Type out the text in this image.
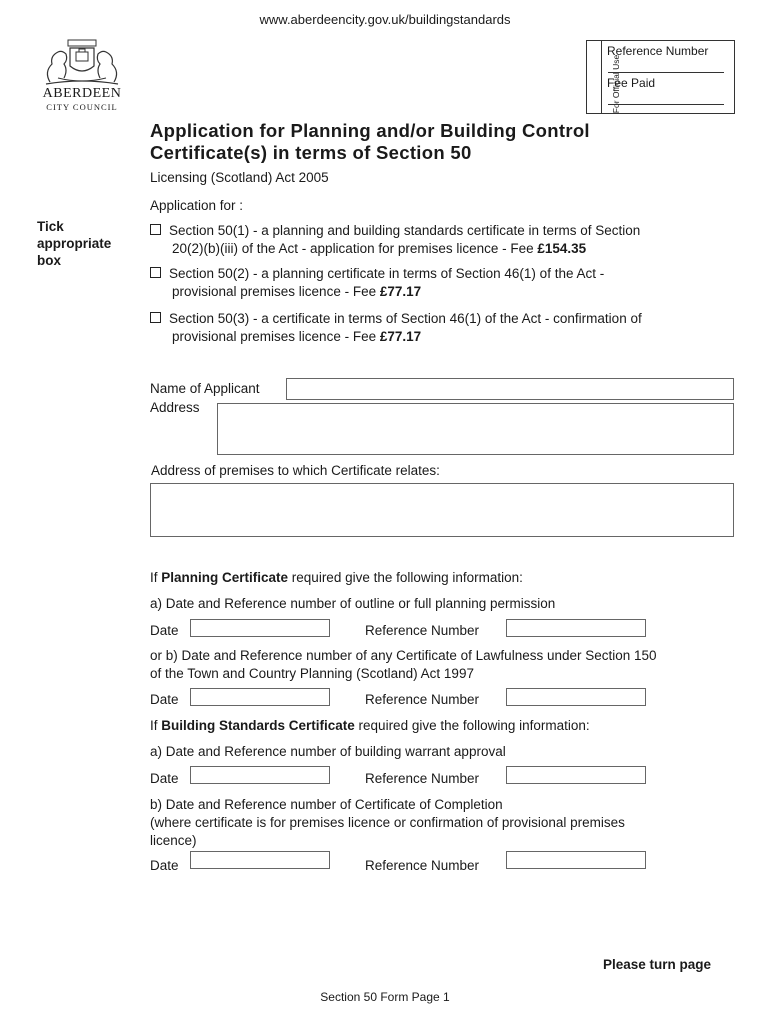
www.aberdeencity.gov.uk/buildingstandards
ABERDEEN
CITY COUNCIL	For Official Use
Reference Number
Fee Paid
Application for Planning and/or Building Control
Certificate(s) in terms of Section 50
Licensing (Scotland) Act 2005
Application for :
Tick
appropriate
box
Section 50(1) - a planning and building standards certificate in terms of Section
20(2)(b)(iii) of the Act - application for premises licence - Fee £154.35
Section 50(2) - a planning certificate in terms of Section 46(1) of the Act -
provisional premises licence - Fee £77.17
Section 50(3) - a certificate in terms of Section 46(1) of the Act - confirmation of
provisional premises licence - Fee £77.17
Name of Applicant
Address
Address of premises to which Certificate relates:
If Planning Certificate required give the following information:
a) Date and Reference number of outline or full planning permission
Date	Reference Number
or b) Date and Reference number of any Certificate of Lawfulness under Section 150
of the Town and Country Planning (Scotland) Act 1997
Date	Reference Number
If Building Standards Certificate required give the following information:
a) Date and Reference number of building warrant approval
Date	Reference Number
b) Date and Reference number of Certificate of Completion
(where certificate is for premises licence or confirmation of provisional premises
licence)
Date	Reference Number
Please turn page
Section 50 Form Page 1
